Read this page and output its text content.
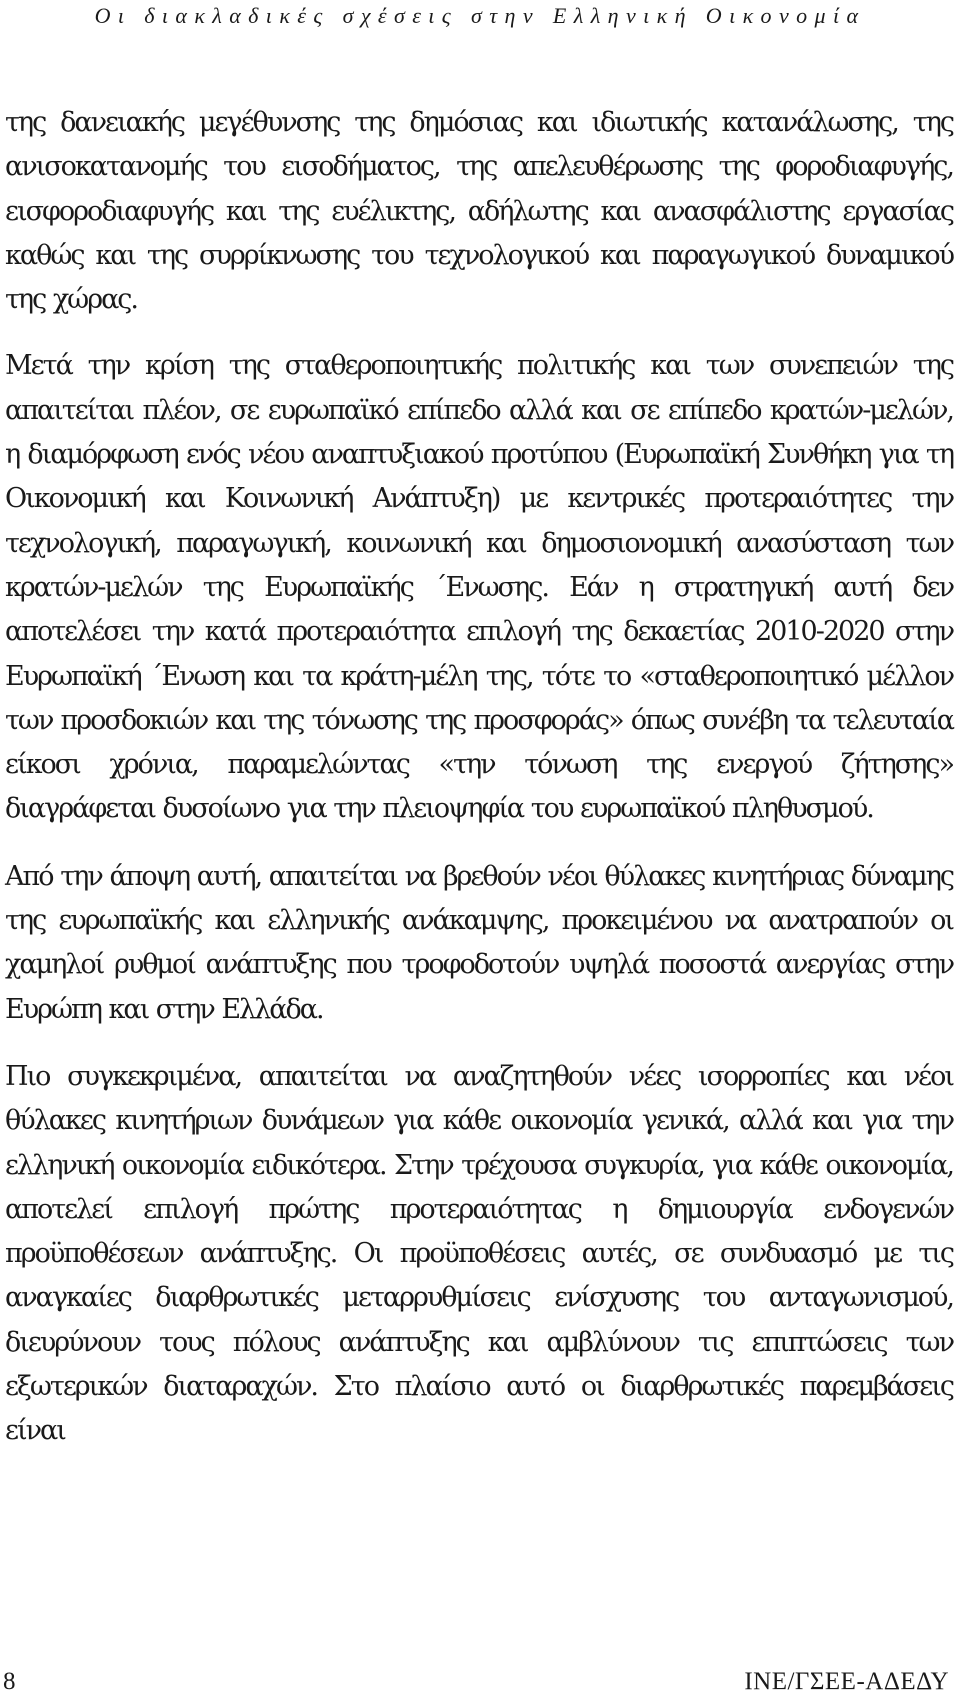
Οι διακλαδικές σχέσεις στην Ελληνική Οικονομία

της δανειακής μεγέθυνσης της δημόσιας και ιδιωτικής κατανάλωσης, της ανισοκατανομής του εισοδήματος, της απελευθέρωσης της φοροδιαφυγής, εισφοροδιαφυγής και της ευέλικτης, αδήλωτης και ανασφάλιστης εργασίας καθώς και της συρρίκνωσης του τεχνολογικού και παραγωγικού δυναμικού της χώρας.

Μετά την κρίση της σταθεροποιητικής πολιτικής και των συνεπειών της απαιτείται πλέον, σε ευρωπαϊκό επίπεδο αλλά και σε επίπεδο κρατών-μελών, η διαμόρφωση ενός νέου αναπτυξιακού προτύπου (Ευρωπαϊκή Συνθήκη για τη Οικονομική και Κοινωνική Ανάπτυξη) με κεντρικές προτεραιότητες την τεχνολογική, παραγωγική, κοινωνική και δημοσιονομική ανασύσταση των κρατών-μελών της Ευρωπαϊκής ΄Ενωσης. Εάν η στρατηγική αυτή δεν αποτελέσει την κατά προτεραιότητα επιλογή της δεκαετίας 2010-2020 στην Ευρωπαϊκή ΄Ενωση και τα κράτη-μέλη της, τότε το «σταθεροποιητικό μέλλον των προσδοκιών και της τόνωσης της προσφοράς» όπως συνέβη τα τελευταία είκοσι χρόνια, παραμελώντας «την τόνωση της ενεργού ζήτησης» διαγράφεται δυσοίωνο για την πλειοψηφία του ευρωπαϊκού πληθυσμού.

Από την άποψη αυτή, απαιτείται να βρεθούν νέοι θύλακες κινητήριας δύναμης της ευρωπαϊκής και ελληνικής ανάκαμψης, προκειμένου να ανατραπούν οι χαμηλοί ρυθμοί ανάπτυξης που τροφοδοτούν υψηλά ποσοστά ανεργίας στην Ευρώπη και στην Ελλάδα.

Πιο συγκεκριμένα, απαιτείται να αναζητηθούν νέες ισορροπίες και νέοι θύλακες κινητήριων δυνάμεων για κάθε οικονομία γενικά, αλλά και για την ελληνική οικονομία ειδικότερα. Στην τρέχουσα συγκυρία, για κάθε οικονομία, αποτελεί επιλογή πρώτης προτεραιότητας η δημιουργία ενδογενών προϋποθέσεων ανάπτυξης. Οι προϋποθέσεις αυτές, σε συνδυασμό με τις αναγκαίες διαρθρωτικές μεταρρυθμίσεις ενίσχυσης του ανταγωνισμού, διευρύνουν τους πόλους ανάπτυξης και αμβλύνουν τις επιπτώσεις των εξωτερικών διαταραχών. Στο πλαίσιο αυτό οι διαρθρωτικές παρεμβάσεις είναι

8	ΙΝΕ/ΓΣΕΕ-ΑΔΕΔΥ
